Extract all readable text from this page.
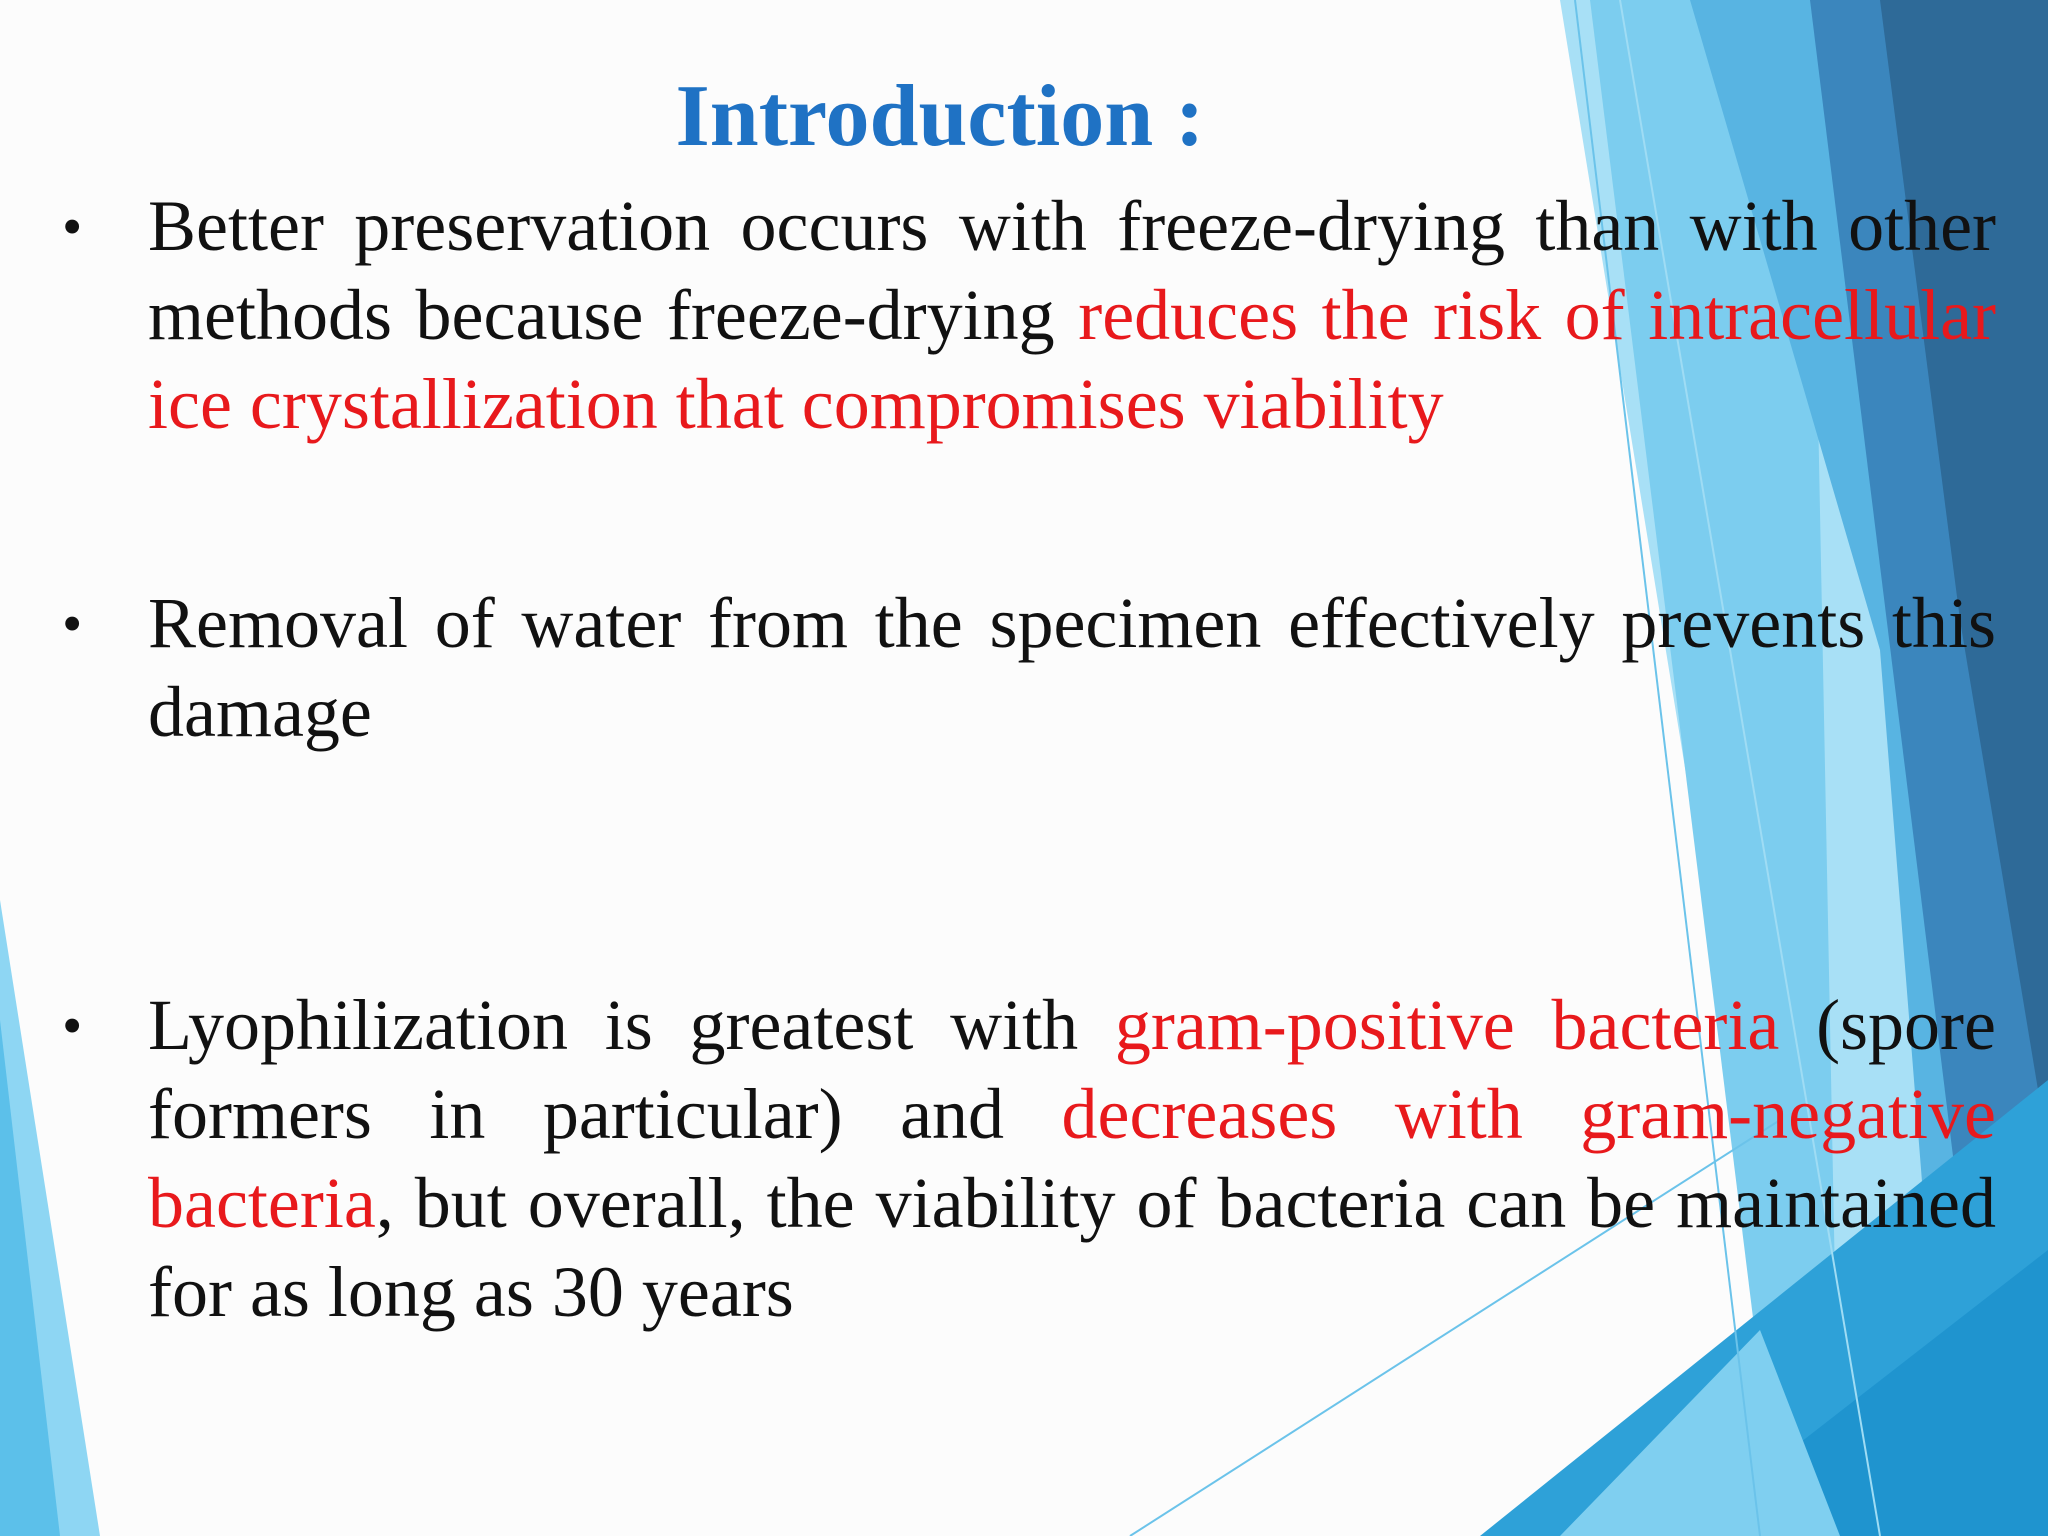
Introduction :
• Better preservation occurs with freeze-drying than with other methods because freeze-drying reduces the risk of intracellular ice crystallization that compromises viability
• Removal of water from the specimen effectively prevents this damage
• Lyophilization is greatest with gram-positive bacteria (spore formers in particular) and decreases with gram-negative bacteria, but overall, the viability of bacteria can be maintained for as long as 30 years
